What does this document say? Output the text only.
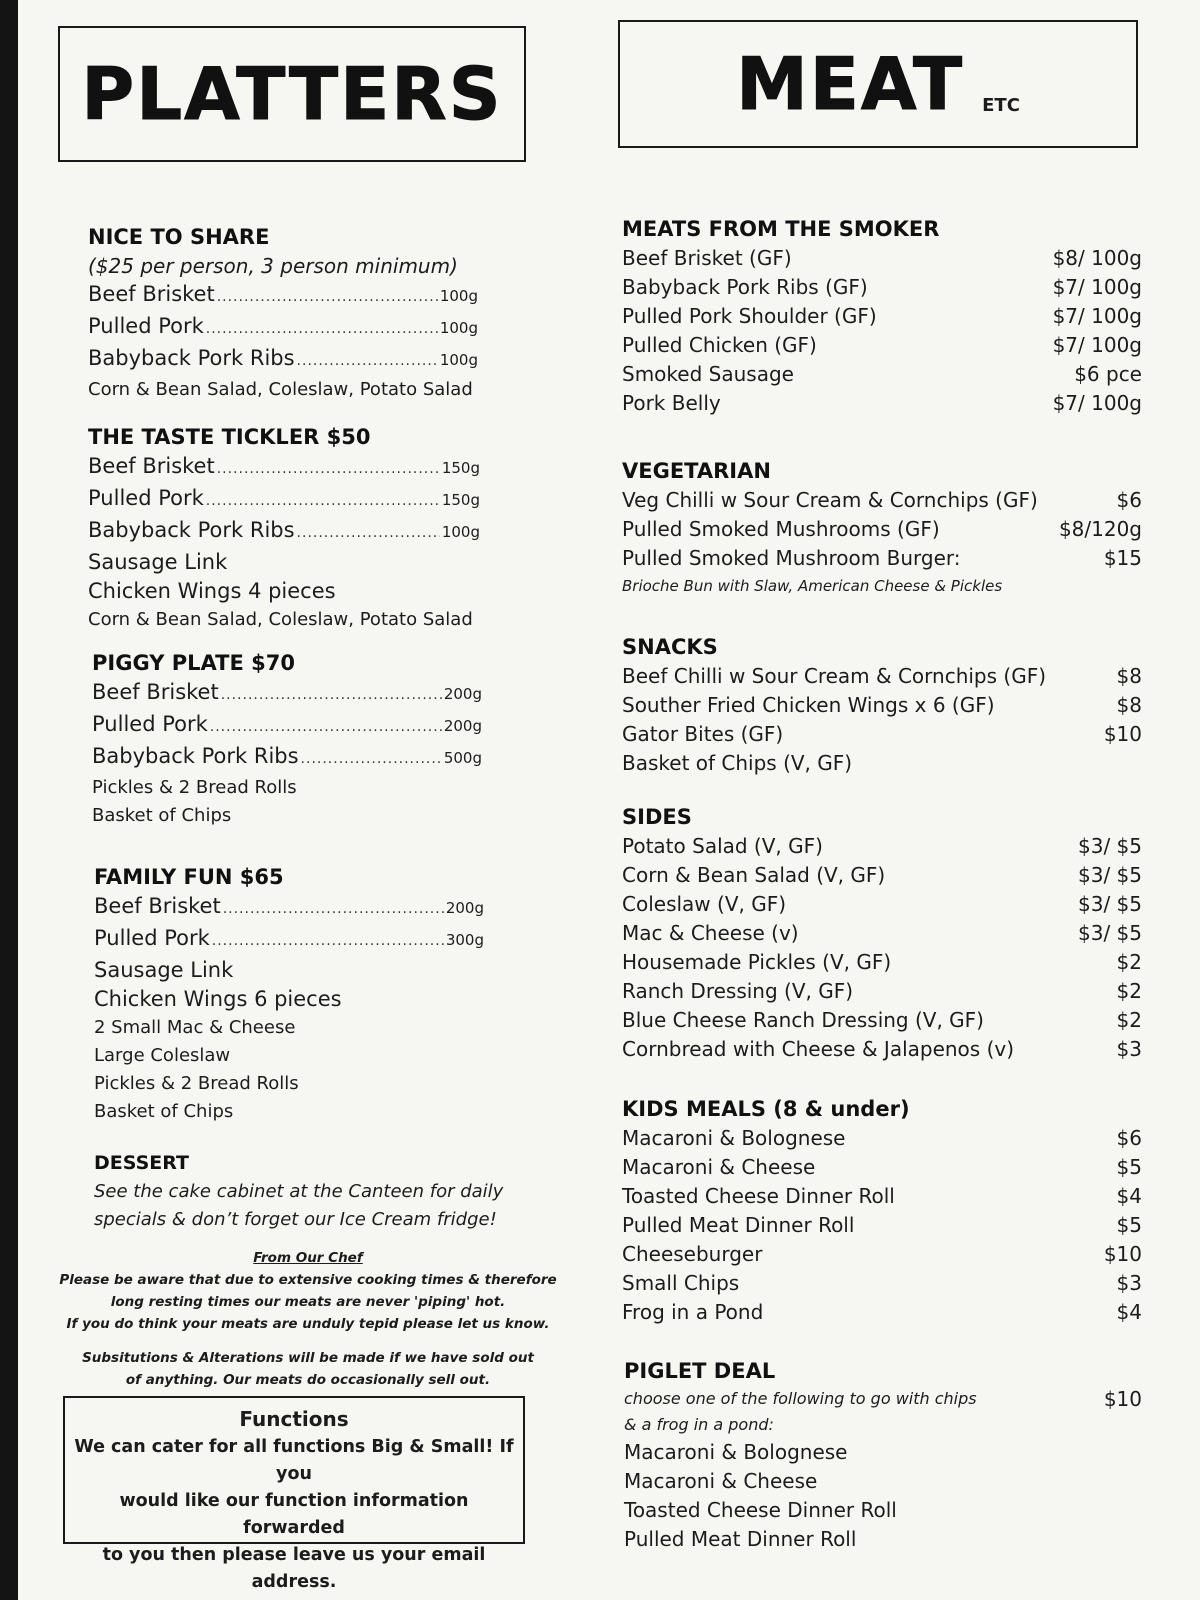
PLATTERS
NICE TO SHARE
($25 per person, 3 person minimum)
Beef Brisket .....	100g
Pulled Pork .....	100g
Babyback Pork Ribs .....	100g
Corn & Bean Salad, Coleslaw, Potato Salad
THE TASTE TICKLER $50
Beef Brisket .....	150g
Pulled Pork .....	150g
Babyback Pork Ribs .....	100g
Sausage Link
Chicken Wings 4 pieces
Corn & Bean Salad, Coleslaw, Potato Salad
PIGGY PLATE $70
Beef Brisket .....	200g
Pulled Pork .....	200g
Babyback Pork Ribs .....	500g
Pickles & 2 Bread Rolls
Basket of Chips
FAMILY FUN $65
Beef Brisket .....	200g
Pulled Pork .....	300g
Sausage Link
Chicken Wings 6 pieces
2 Small Mac & Cheese
Large Coleslaw
Pickles & 2 Bread Rolls
Basket of Chips
DESSERT
See the cake cabinet at the Canteen for daily
specials & don’t forget our Ice Cream fridge!
From Our Chef
Please be aware that due to extensive cooking times & therefore
long resting times our meats are never 'piping' hot.
If you do think your meats are unduly tepid please let us know.
Subsitutions & Alterations will be made if we have sold out
of anything. Our meats do occasionally sell out.
Functions
We can cater for all functions Big & Small! If you
would like our function information forwarded
to you then please leave us your email address.
MEAT ETC
MEATS FROM THE SMOKER
Beef Brisket (GF)	$8/ 100g
Babyback Pork Ribs (GF)	$7/ 100g
Pulled Pork Shoulder (GF)	$7/ 100g
Pulled Chicken (GF)	$7/ 100g
Smoked Sausage	$6 pce
Pork Belly	$7/ 100g
VEGETARIAN
Veg Chilli w Sour Cream & Cornchips (GF)	$6
Pulled Smoked Mushrooms (GF)	$8/120g
Pulled Smoked Mushroom Burger:	$15
Brioche Bun with Slaw, American Cheese & Pickles
SNACKS
Beef Chilli w Sour Cream & Cornchips (GF)	$8
Souther Fried Chicken Wings x 6 (GF)	$8
Gator Bites (GF)	$10
Basket of Chips (V, GF)
SIDES
Potato Salad (V, GF)	$3/ $5
Corn & Bean Salad (V, GF)	$3/ $5
Coleslaw (V, GF)	$3/ $5
Mac & Cheese (v)	$3/ $5
Housemade Pickles (V, GF)	$2
Ranch Dressing (V, GF)	$2
Blue Cheese Ranch Dressing (V, GF)	$2
Cornbread with Cheese & Jalapenos (v)	$3
KIDS MEALS (8 & under)
Macaroni & Bolognese	$6
Macaroni & Cheese	$5
Toasted Cheese Dinner Roll	$4
Pulled Meat Dinner Roll	$5
Cheeseburger	$10
Small Chips	$3
Frog in a Pond	$4
PIGLET DEAL
choose one of the following to go with chips	$10
& a frog in a pond:
Macaroni & Bolognese
Macaroni & Cheese
Toasted Cheese Dinner Roll
Pulled Meat Dinner Roll
